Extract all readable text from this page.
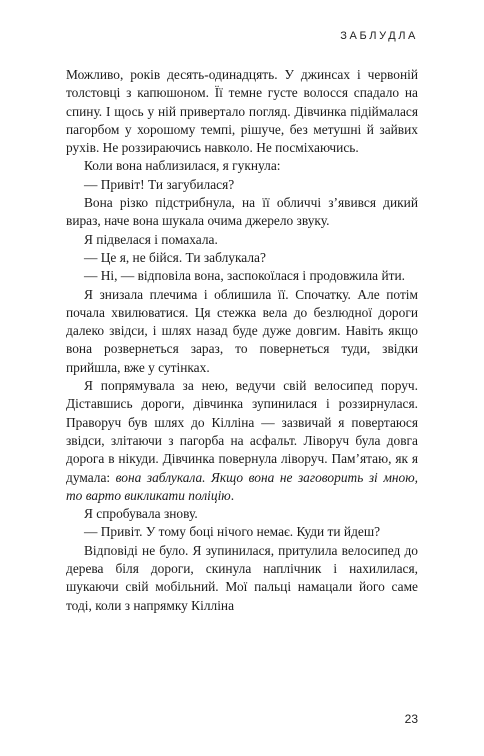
ЗАБЛУДЛА

Можливо, років десять-одинадцять. У джинсах і червоній толстовці з капюшоном. Її темне густе волосся спадало на спину. І щось у ній привертало погляд. Дівчинка підіймалася пагорбом у хорошому темпі, рішуче, без метушні й зайвих рухів. Не роззираючись навколо. Не посміхаючись.

Коли вона наблизилася, я гукнула:

— Привіт! Ти загубилася?

Вона різко підстрибнула, на її обличчі з’явився дикий вираз, наче вона шукала очима джерело звуку.

Я підвелася і помахала.

— Це я, не бійся. Ти заблукала?

— Ні, — відповіла вона, заспокоїлася і продовжила йти.

Я знизала плечима і облишила її. Спочатку. Але потім почала хвилюватися. Ця стежка вела до безлюдної дороги далеко звідси, і шлях назад буде дуже довгим. Навіть якщо вона розвернеться зараз, то повернеться туди, звідки прийшла, вже у сутінках.

Я попрямувала за нею, ведучи свій велосипед поруч. Діставшись дороги, дівчинка зупинилася і роззирнулася. Праворуч був шлях до Кілліна — зазвичай я повертаюся звідси, злітаючи з пагорба на асфальт. Ліворуч була довга дорога в нікуди. Дівчинка повернула ліворуч. Пам’ятаю, як я думала: вона заблукала. Якщо вона не заговорить зі мною, то варто викликати поліцію.

Я спробувала знову.

— Привіт. У тому боці нічого немає. Куди ти йдеш?

Відповіді не було. Я зупинилася, притулила велосипед до дерева біля дороги, скинула наплічник і нахилилася, шукаючи свій мобільний. Мої пальці намацали його саме тоді, коли з напрямку Кілліна

23
